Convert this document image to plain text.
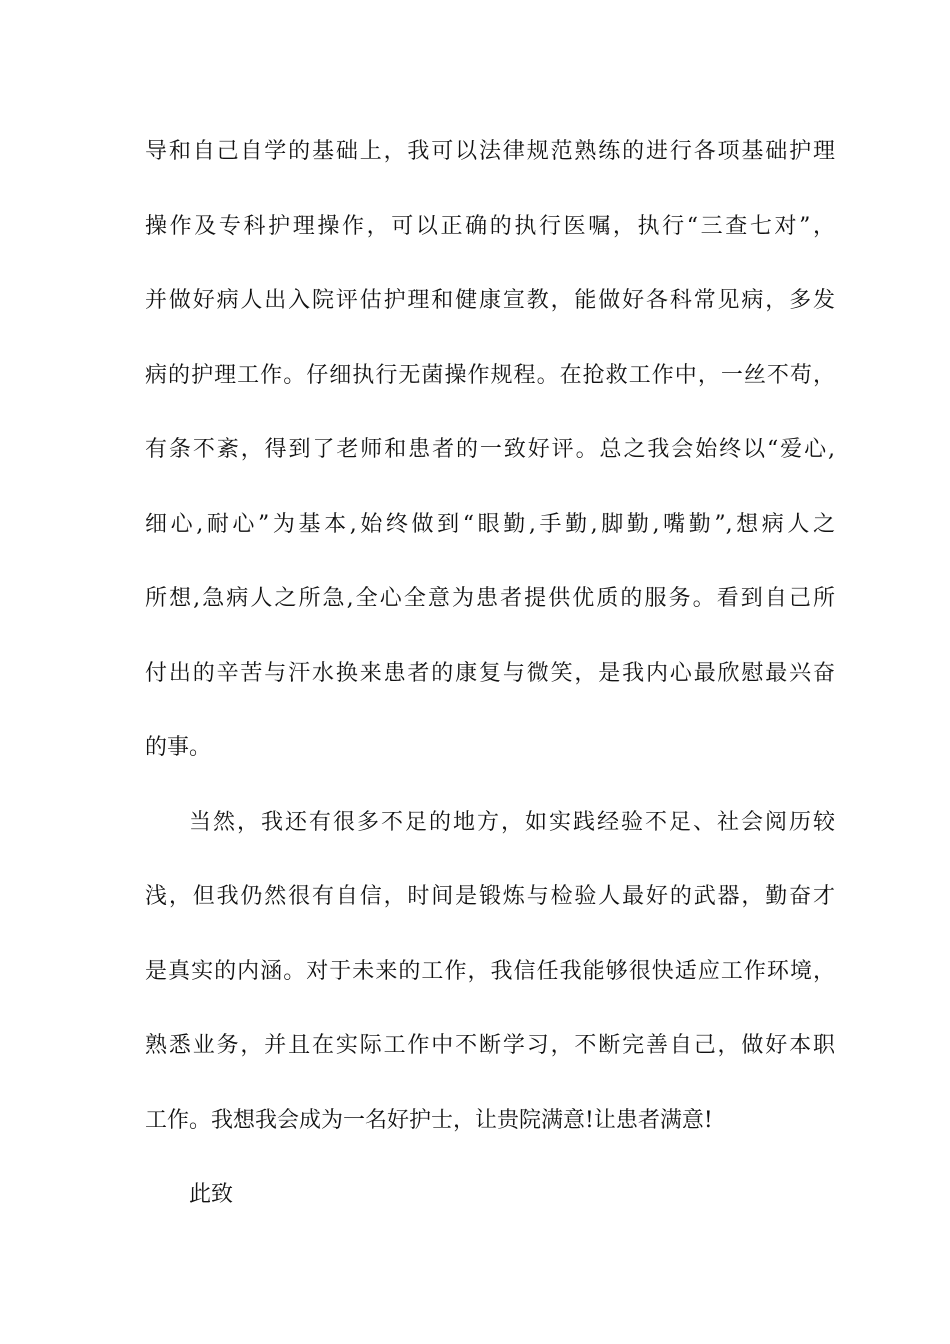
导和自己自学的基础上，我可以法律规范熟练的进行各项基础护理
操作及专科护理操作，可以正确的执行医嘱，执行“三查七对”，
并做好病人出入院评估护理和健康宣教，能做好各科常见病，多发
病的护理工作。仔细执行无菌操作规程。在抢救工作中，一丝不苟，
有条不紊，得到了老师和患者的一致好评。总之我会始终以“爱心,
细心,耐心”为基本,始终做到“眼勤,手勤,脚勤,嘴勤”,想病人之
所想,急病人之所急,全心全意为患者提供优质的服务。看到自己所
付出的辛苦与汗水换来患者的康复与微笑，是我内心最欣慰最兴奋
的事。
当然，我还有很多不足的地方，如实践经验不足、社会阅历较
浅，但我仍然很有自信，时间是锻炼与检验人最好的武器，勤奋才
是真实的内涵。对于未来的工作，我信任我能够很快适应工作环境，
熟悉业务，并且在实际工作中不断学习，不断完善自己，做好本职
工作。我想我会成为一名好护士，让贵院满意!让患者满意!
此致
